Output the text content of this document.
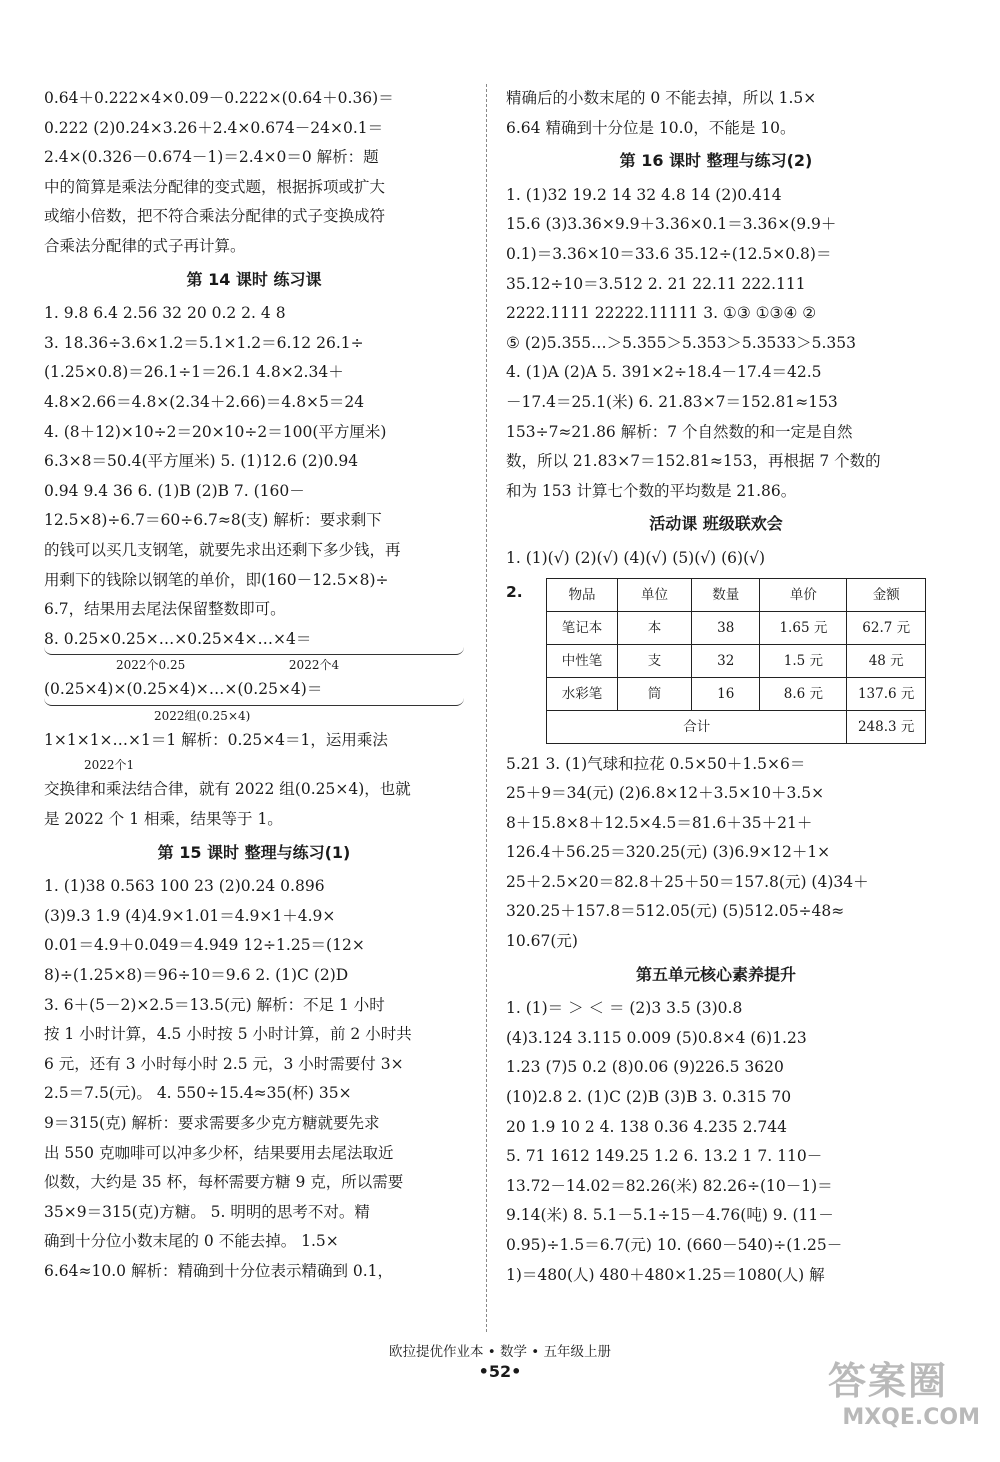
0.64＋0.222×4×0.09－0.222×(0.64＋0.36)＝
0.222 (2)0.24×3.26＋2.4×0.674－24×0.1＝
2.4×(0.326－0.674－1)＝2.4×0＝0 解析：题
中的简算是乘法分配律的变式题，根据拆项或扩大
或缩小倍数，把不符合乘法分配律的式子变换成符
合乘法分配律的式子再计算。
第 14 课时 练习课
1. 9.8 6.4 2.56 32 20 0.2 2. 4 8
3. 18.36÷3.6×1.2＝5.1×1.2＝6.12 26.1÷
(1.25×0.8)＝26.1÷1＝26.1 4.8×2.34＋
4.8×2.66＝4.8×(2.34＋2.66)＝4.8×5＝24
4. (8＋12)×10÷2＝20×10÷2＝100(平方厘米)
6.3×8＝50.4(平方厘米) 5. (1)12.6 (2)0.94
0.94 9.4 36 6. (1)B (2)B 7. (160－
12.5×8)÷6.7＝60÷6.7≈8(支) 解析：要求剩下
的钱可以买几支钢笔，就要先求出还剩下多少钱，再
用剩下的钱除以钢笔的单价，即(160－12.5×8)÷
6.7，结果用去尾法保留整数即可。
8. 0.25×0.25×…×0.25×4×…×4＝
2022个0.25	2022个4
(0.25×4)×(0.25×4)×…×(0.25×4)＝
2022组(0.25×4)
1×1×1×…×1＝1 解析：0.25×4＝1，运用乘法
2022个1
交换律和乘法结合律，就有 2022 组(0.25×4)，也就
是 2022 个 1 相乘，结果等于 1。
第 15 课时 整理与练习(1)
1. (1)38 0.563 100 23 (2)0.24 0.896
(3)9.3 1.9 (4)4.9×1.01＝4.9×1＋4.9×
0.01＝4.9＋0.049＝4.949 12÷1.25＝(12×
8)÷(1.25×8)＝96÷10＝9.6 2. (1)C (2)D
3. 6＋(5－2)×2.5＝13.5(元) 解析：不足 1 小时
按 1 小时计算，4.5 小时按 5 小时计算，前 2 小时共
6 元，还有 3 小时每小时 2.5 元，3 小时需要付 3×
2.5＝7.5(元)。 4. 550÷15.4≈35(杯) 35×
9＝315(克) 解析：要求需要多少克方糖就要先求
出 550 克咖啡可以冲多少杯，结果要用去尾法取近
似数，大约是 35 杯，每杯需要方糖 9 克，所以需要
35×9＝315(克)方糖。 5. 明明的思考不对。精
确到十分位小数末尾的 0 不能去掉。 1.5×
6.64≈10.0 解析：精确到十分位表示精确到 0.1，
精确后的小数末尾的 0 不能去掉，所以 1.5×
6.64 精确到十分位是 10.0，不能是 10。
第 16 课时 整理与练习(2)
1. (1)32 19.2 14 32 4.8 14 (2)0.414
15.6 (3)3.36×9.9＋3.36×0.1＝3.36×(9.9＋
0.1)＝3.36×10＝33.6 35.12÷(12.5×0.8)＝
35.12÷10＝3.512 2. 21 22.11 222.111
2222.1111 22222.11111 3. ①③ ①③④ ②
⑤ (2)5.355…＞5.355＞5.353＞5.3533＞5.353
4. (1)A (2)A 5. 391×2÷18.4－17.4＝42.5
－17.4＝25.1(米) 6. 21.83×7＝152.81≈153
153÷7≈21.86 解析：7 个自然数的和一定是自然
数，所以 21.83×7＝152.81≈153，再根据 7 个数的
和为 153 计算七个数的平均数是 21.86。
活动课 班级联欢会
1. (1)(√) (2)(√) (4)(√) (5)(√) (6)(√)
2.	物品	单位	数量	单价	金额
笔记本	本	38	1.65 元	62.7 元
中性笔	支	32	1.5 元	48 元
水彩笔	筒	16	8.6 元	137.6 元
合计				248.3 元
5.21 3. (1)气球和拉花 0.5×50＋1.5×6＝
25＋9＝34(元) (2)6.8×12＋3.5×10＋3.5×
8＋15.8×8＋12.5×4.5＝81.6＋35＋21＋
126.4＋56.25＝320.25(元) (3)6.9×12＋1×
25＋2.5×20＝82.8＋25＋50＝157.8(元) (4)34＋
320.25＋157.8＝512.05(元) (5)512.05÷48≈
10.67(元)
第五单元核心素养提升
1. (1)＝ ＞ ＜ ＝ (2)3 3.5 (3)0.8
(4)3.124 3.115 0.009 (5)0.8×4 (6)1.23
1.23 (7)5 0.2 (8)0.06 (9)226.5 3620
(10)2.8 2. (1)C (2)B (3)B 3. 0.315 70
20 1.9 10 2 4. 138 0.36 4.235 2.744
5. 71 1612 149.25 1.2 6. 13.2 1 7. 110－
13.72－14.02＝82.26(米) 82.26÷(10－1)＝
9.14(米) 8. 5.1－5.1÷15－4.76(吨) 9. (11－
0.95)÷1.5＝6.7(元) 10. (660－540)÷(1.25－
1)＝480(人) 480＋480×1.25＝1080(人) 解
欧拉提优作业本 • 数学 • 五年级上册
•52•	答案圈
MXQE.COM
